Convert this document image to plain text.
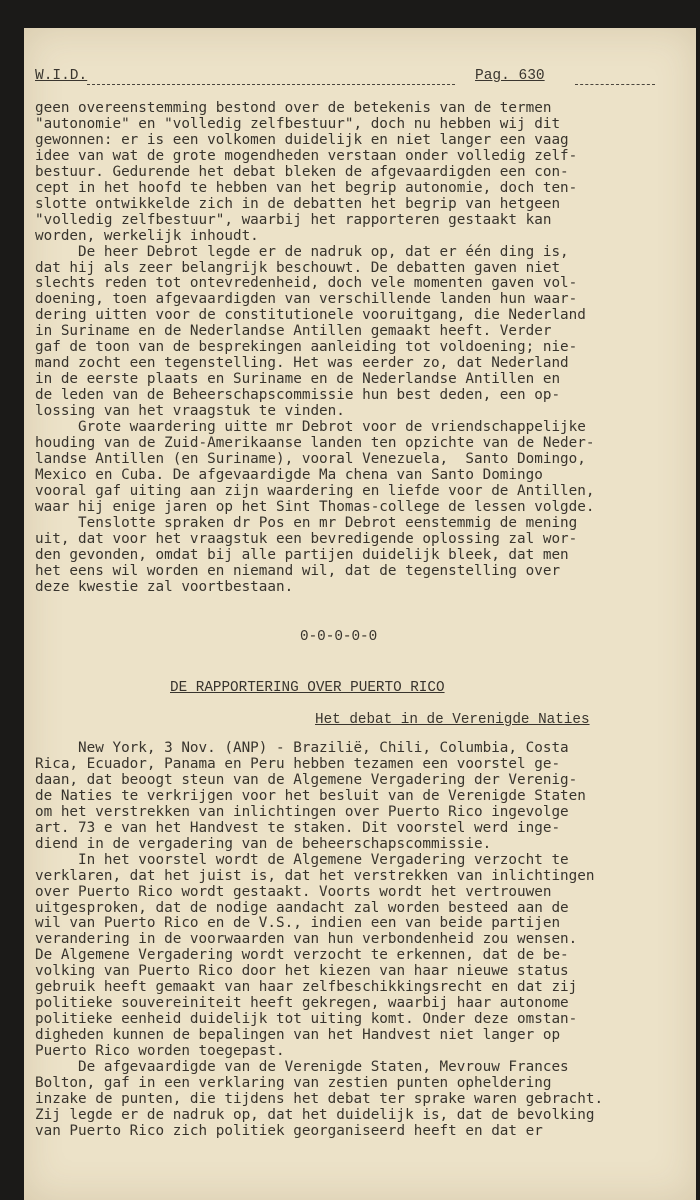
W.I.D.	Pag. 630
geen overeenstemming bestond over de betekenis van de termen
"autonomie" en "volledig zelfbestuur", doch nu hebben wij dit
gewonnen: er is een volkomen duidelijk en niet langer een vaag
idee van wat de grote mogendheden verstaan onder volledig zelf-
bestuur. Gedurende het debat bleken de afgevaardigden een con-
cept in het hoofd te hebben van het begrip autonomie, doch ten-
slotte ontwikkelde zich in de debatten het begrip van hetgeen
"volledig zelfbestuur", waarbij het rapporteren gestaakt kan
worden, werkelijk inhoudt.
De heer Debrot legde er de nadruk op, dat er één ding is,
dat hij als zeer belangrijk beschouwt. De debatten gaven niet
slechts reden tot ontevredenheid, doch vele momenten gaven vol-
doening, toen afgevaardigden van verschillende landen hun waar-
dering uitten voor de constitutionele vooruitgang, die Nederland
in Suriname en de Nederlandse Antillen gemaakt heeft. Verder
gaf de toon van de besprekingen aanleiding tot voldoening; nie-
mand zocht een tegenstelling. Het was eerder zo, dat Nederland
in de eerste plaats en Suriname en de Nederlandse Antillen en
de leden van de Beheerschapscommissie hun best deden, een op-
lossing van het vraagstuk te vinden.
Grote waardering uitte mr Debrot voor de vriendschappelijke
houding van de Zuid-Amerikaanse landen ten opzichte van de Neder-
landse Antillen (en Suriname), vooral Venezuela,  Santo Domingo,
Mexico en Cuba. De afgevaardigde Ma chena van Santo Domingo
vooral gaf uiting aan zijn waardering en liefde voor de Antillen,
waar hij enige jaren op het Sint Thomas-college de lessen volgde.
Tenslotte spraken dr Pos en mr Debrot eenstemmig de mening
uit, dat voor het vraagstuk een bevredigende oplossing zal wor-
den gevonden, omdat bij alle partijen duidelijk bleek, dat men
het eens wil worden en niemand wil, dat de tegenstelling over
deze kwestie zal voortbestaan.
0-0-0-0-0
DE RAPPORTERING OVER PUERTO RICO
Het debat in de Verenigde Naties
New York, 3 Nov. (ANP) - Brazilië, Chili, Columbia, Costa
Rica, Ecuador, Panama en Peru hebben tezamen een voorstel ge-
daan, dat beoogt steun van de Algemene Vergadering der Verenig-
de Naties te verkrijgen voor het besluit van de Verenigde Staten
om het verstrekken van inlichtingen over Puerto Rico ingevolge
art. 73 e van het Handvest te staken. Dit voorstel werd inge-
diend in de vergadering van de beheerschapscommissie.
In het voorstel wordt de Algemene Vergadering verzocht te
verklaren, dat het juist is, dat het verstrekken van inlichtingen
over Puerto Rico wordt gestaakt. Voorts wordt het vertrouwen
uitgesproken, dat de nodige aandacht zal worden besteed aan de
wil van Puerto Rico en de V.S., indien een van beide partijen
verandering in de voorwaarden van hun verbondenheid zou wensen.
De Algemene Vergadering wordt verzocht te erkennen, dat de be-
volking van Puerto Rico door het kiezen van haar nieuwe status
gebruik heeft gemaakt van haar zelfbeschikkingsrecht en dat zij
politieke souvereiniteit heeft gekregen, waarbij haar autonome
politieke eenheid duidelijk tot uiting komt. Onder deze omstan-
digheden kunnen de bepalingen van het Handvest niet langer op
Puerto Rico worden toegepast.
De afgevaardigde van de Verenigde Staten, Mevrouw Frances
Bolton, gaf in een verklaring van zestien punten opheldering
inzake de punten, die tijdens het debat ter sprake waren gebracht.
Zij legde er de nadruk op, dat het duidelijk is, dat de bevolking
van Puerto Rico zich politiek georganiseerd heeft en dat er
